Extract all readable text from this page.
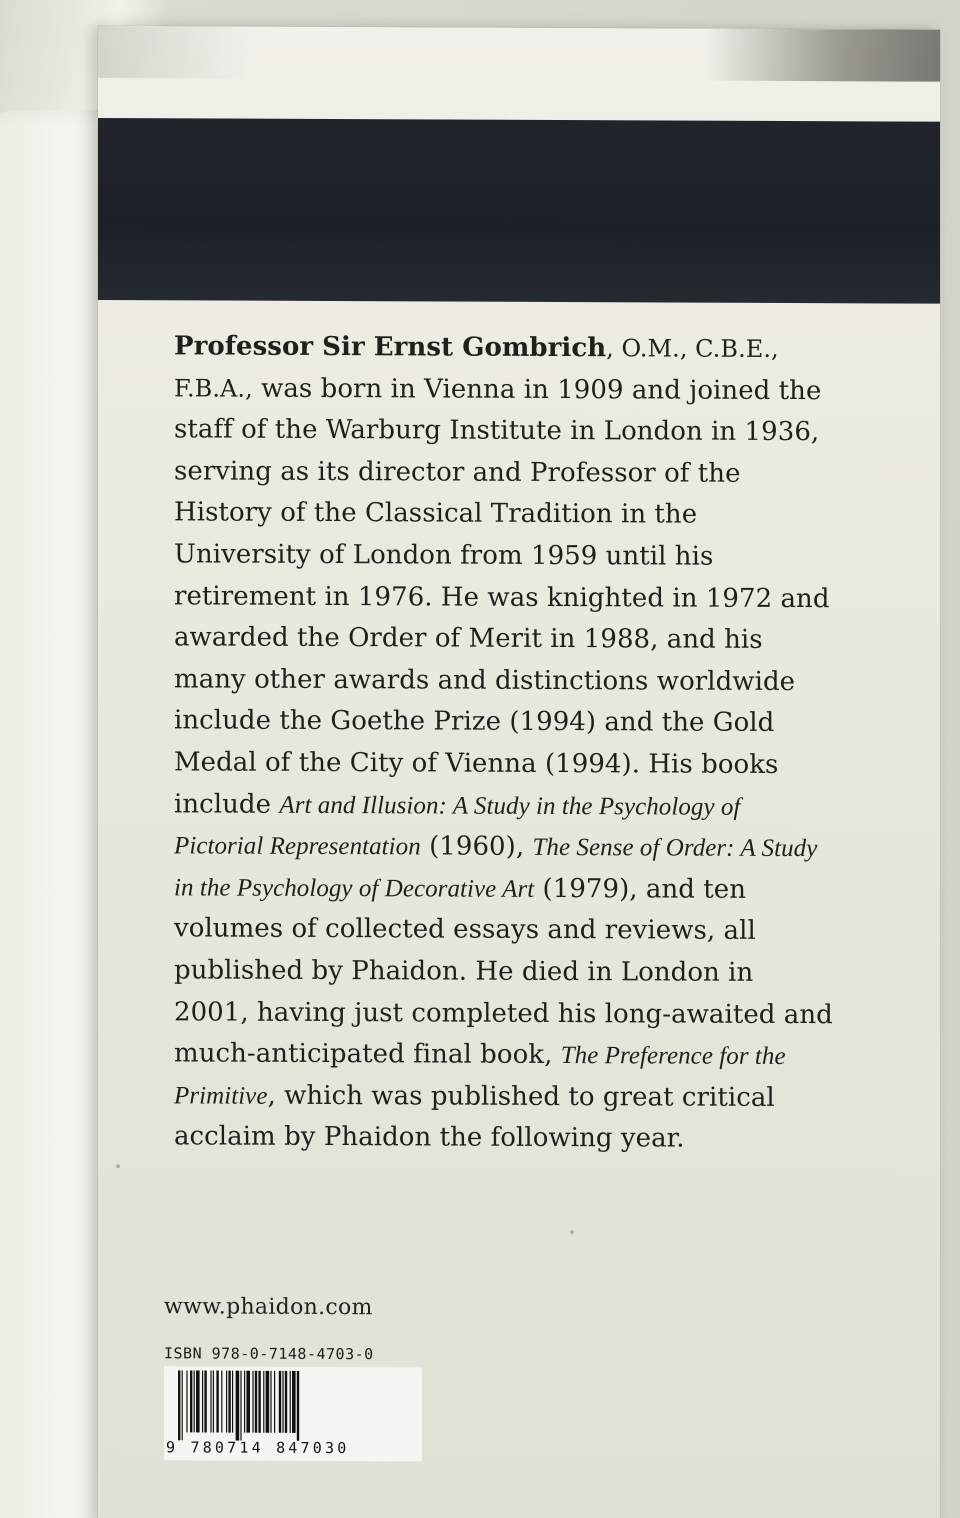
Professor Sir Ernst Gombrich, O.M., C.B.E., F.B.A., was born in Vienna in 1909 and joined the staff of the Warburg Institute in London in 1936, serving as its director and Professor of the History of the Classical Tradition in the University of London from 1959 until his retirement in 1976. He was knighted in 1972 and awarded the Order of Merit in 1988, and his many other awards and distinctions worldwide include the Goethe Prize (1994) and the Gold Medal of the City of Vienna (1994). His books include Art and Illusion: A Study in the Psychology of Pictorial Representation (1960), The Sense of Order: A Study in the Psychology of Decorative Art (1979), and ten volumes of collected essays and reviews, all published by Phaidon. He died in London in 2001, having just completed his long-awaited and much-anticipated final book, The Preference for the Primitive, which was published to great critical acclaim by Phaidon the following year.

www.phaidon.com

ISBN 978-0-7148-4703-0

9 780714 847030
